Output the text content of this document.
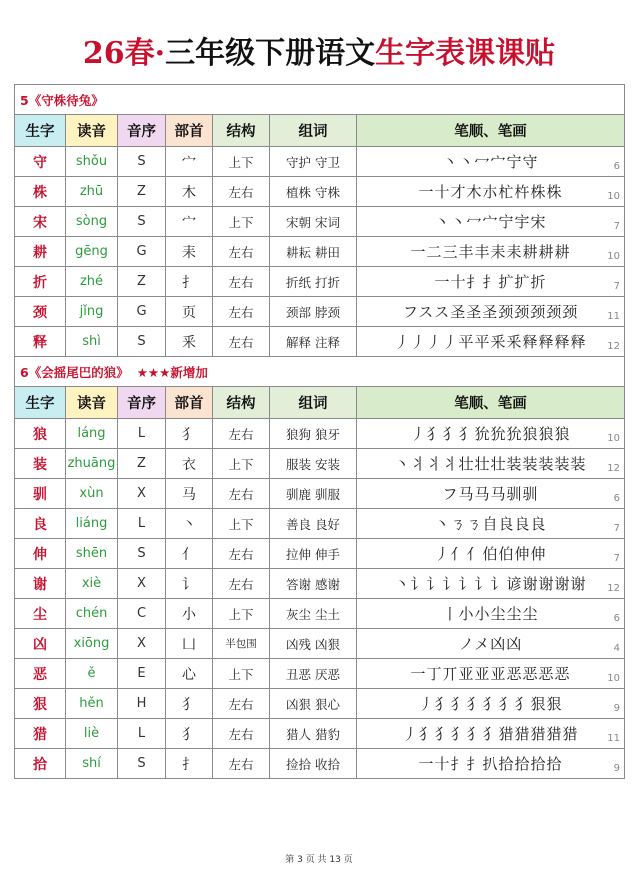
26春·三年级下册语文生字表课课贴
5《守株待兔》						
生字	读音	音序	部首	结构	组词	笔顺、笔画
守	shǒu	S	宀	上下	守护 守卫	丶丶冖宀宁守 6

株	zhū	Z	木	左右	植株 守株	一十才木朩杧杵株株 10

宋	sòng	S	宀	上下	宋朝 宋词	丶丶冖宀宁宇宋 7

耕	gēng	G	耒	左右	耕耘 耕田	一二三丰丰耒耒耕耕耕 10

折	zhé	Z	扌	左右	折纸 打折	一十扌扌扩扩折 7

颈	jǐng	G	页	左右	颈部 脖颈	フスス圣圣圣颈颈颈颈颈 11

释	shì	S	釆	左右	解释 注释	丿丿丿丿平平釆釆释释释释 12

6《会摇尾巴的狼》 ★★★新增加						
生字	读音	音序	部首	结构	组词	笔顺、笔画
狼	láng	L	犭	左右	狼狗 狼牙	丿犭犭犭狁狁狁狼狼狼 10

装	zhuāng	Z	衣	上下	服装 安装	丶丬丬丬壮壮壮装装装装装 12

驯	xùn	X	马	左右	驯鹿 驯服	フ马马马驯驯 6

良	liáng	L	丶	上下	善良 良好	丶ㄋㄋ自良良良 7

伸	shēn	S	亻	左右	拉伸 伸手	丿亻亻伯伯伸伸 7

谢	xiè	X	讠	左右	答谢 感谢	丶讠讠讠讠讠讠谚谢谢谢谢 12

尘	chén	C	小	上下	灰尘 尘土	丨小小尘尘尘 6

凶	xiōng	X	凵	半包围	凶残 凶狠	ノメ凶凶 4

恶	ě	E	心	上下	丑恶 厌恶	一丁丌亚亚亚恶恶恶恶 10

狠	hěn	H	犭	左右	凶狠 狠心	丿犭犭犭犭犭犭狠狠 9

猎	liè	L	犭	左右	猎人 猎豹	丿犭犭犭犭犭猎猎猎猎猎 11

拾	shí	S	扌	左右	捡拾 收拾	一十扌扌扒拾拾拾拾 9
第 3 页 共 13 页
